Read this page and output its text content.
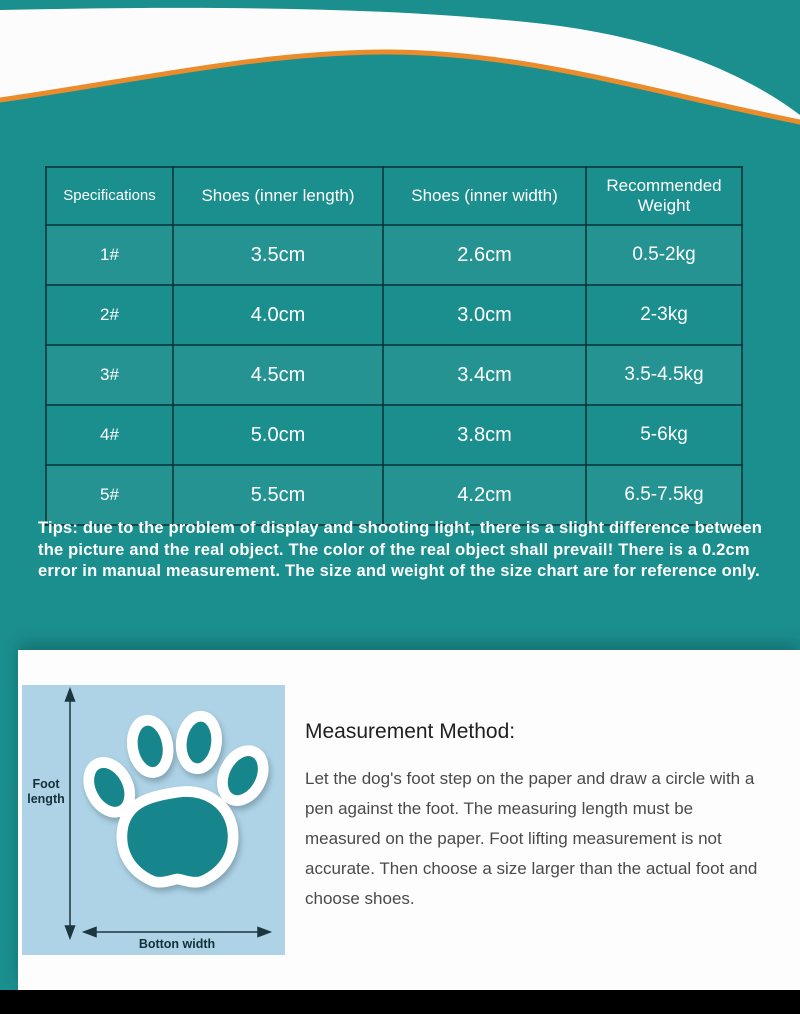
Specifications	Shoes (inner length)	Shoes (inner width)	Recommended Weight
1#	3.5cm	2.6cm	0.5-2kg
2#	4.0cm	3.0cm	2-3kg
3#	4.5cm	3.4cm	3.5-4.5kg
4#	5.0cm	3.8cm	5-6kg
5#	5.5cm	4.2cm	6.5-7.5kg

Tips: due to the problem of display and shooting light, there is a slight difference between the picture and the real object. The color of the real object shall prevail! There is a 0.2cm error in manual measurement. The size and weight of the size chart are for reference only.

Foot length
Botton width
Measurement Method:

Let the dog's foot step on the paper and draw a circle with a pen against the foot. The measuring length must be measured on the paper. Foot lifting measurement is not accurate. Then choose a size larger than the actual foot and choose shoes.
